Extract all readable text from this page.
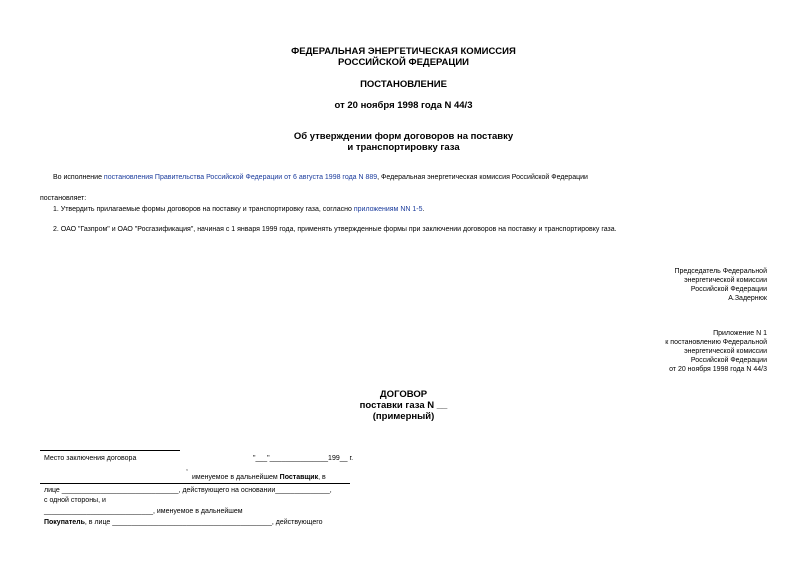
ФЕДЕРАЛЬНАЯ ЭНЕРГЕТИЧЕСКАЯ КОМИССИЯ
РОССИЙСКОЙ ФЕДЕРАЦИИ
ПОСТАНОВЛЕНИЕ
от 20 ноября 1998 года N 44/3
Об утверждении форм договоров на поставку
и транспортировку газа
Во исполнение постановления Правительства Российской Федерации от 6 августа 1998 года N 889, Федеральная энергетическая комиссия Российской Федерации
постановляет:
1. Утвердить прилагаемые формы договоров на поставку и транспортировку газа, согласно приложениям NN 1-5.
2. ОАО "Газпром" и ОАО "Росгазификация", начиная с 1 января 1999 года, применять утвержденные формы при заключении договоров на поставку и транспортировку газа.
Председатель Федеральной
энергетической комиссии
Российской Федерации
А.Задернюк
Приложение N 1
к постановлению Федеральной
энергетической комиссии
Российской Федерации
от 20 ноября 1998 года N 44/3
ДОГОВОР
поставки газа N __
(примерный)
Место заключения договора	"___"_______________199__ г.
,
именуемое в дальнейшем Поставщик, в
лице ______________________________, действующего на основании______________,
с одной стороны, и
____________________________, именуемое в дальнейшем
Покупатель, в лице _________________________________________, действующего
